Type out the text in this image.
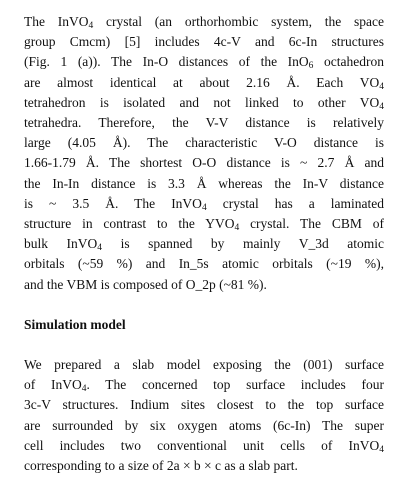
The InVO$_4$ crystal (an orthorhombic system, the space
group Cmcm) [5] includes 4c-V and 6c-In structures
(Fig. 1 (a)). The In-O distances of the InO$_6$ octahedron
are almost identical at about 2.16 Å. Each $VO_4$
tetrahedron is isolated and not linked to other $VO_4$
tetrahedra. Therefore, the V-V distance is relatively
large (4.05 Å). The characteristic V-O distance is
1.66-1.79 Å. The shortest O-O distance is ~ 2.7 Å and
the In-In distance is 3.3 Å whereas the In-V distance
is ~ 3.5 Å. The InVO$_4$ crystal has a laminated
structure in contrast to the $YVO_4$ crystal. The CBM of
bulk InVO$_4$ is spanned by mainly V_3d atomic
orbitals (~59 %) and In_5s atomic orbitals (~19 %),
and the VBM is composed of O_2p (~81 %).
Simulation model
We prepared a slab model exposing the (001) surface
of InVO$_4$. The concerned top surface includes four
3c-V structures. Indium sites closest to the top surface
are surrounded by six oxygen atoms (6c-In) The super
cell includes two conventional unit cells of InVO$_4$
corresponding to a size of 2a × b × c as a slab part.
